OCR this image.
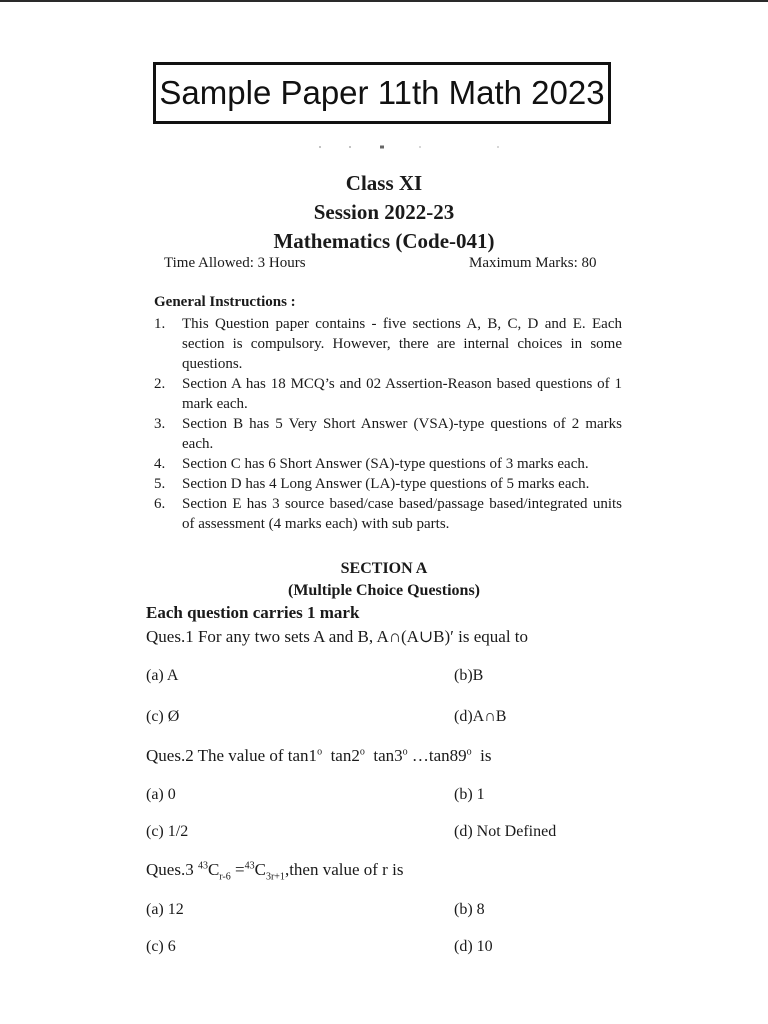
Sample Paper 11th Math 2023
Class XI
Session 2022-23
Mathematics (Code-041)
Time Allowed: 3 Hours	Maximum Marks: 80
General Instructions :
1.	This Question paper contains - five sections A, B, C, D and E. Each section is compulsory. However, there are internal choices in some questions.
2.	Section A has 18 MCQ’s and 02 Assertion-Reason based questions of 1 mark each.
3.	Section B has 5 Very Short Answer (VSA)-type questions of 2 marks each.
4.	Section C has 6 Short Answer (SA)-type questions of 3 marks each.
5.	Section D has 4 Long Answer (LA)-type questions of 5 marks each.
6.	Section E has 3 source based/case based/passage based/integrated units of assessment (4 marks each) with sub parts.
SECTION A
(Multiple Choice Questions)
Each question carries 1 mark
Ques.1 For any two sets A and B, A∩(A∪B)′ is equal to
(a) A	(b)B
(c) Ø	(d)A∩B
Ques.2 The value of tan1$^o$  tan2$^o$  tan3$^o$ …tan89$^o$  is
(a) 0	(b) 1
(c) 1/2	(d) Not Defined
Ques.3 $^{43}C_{r-6}$ $=^{43}C_{3r+1},then$ value of r is
(a) 12	(b) 8
(c) 6	(d) 10
